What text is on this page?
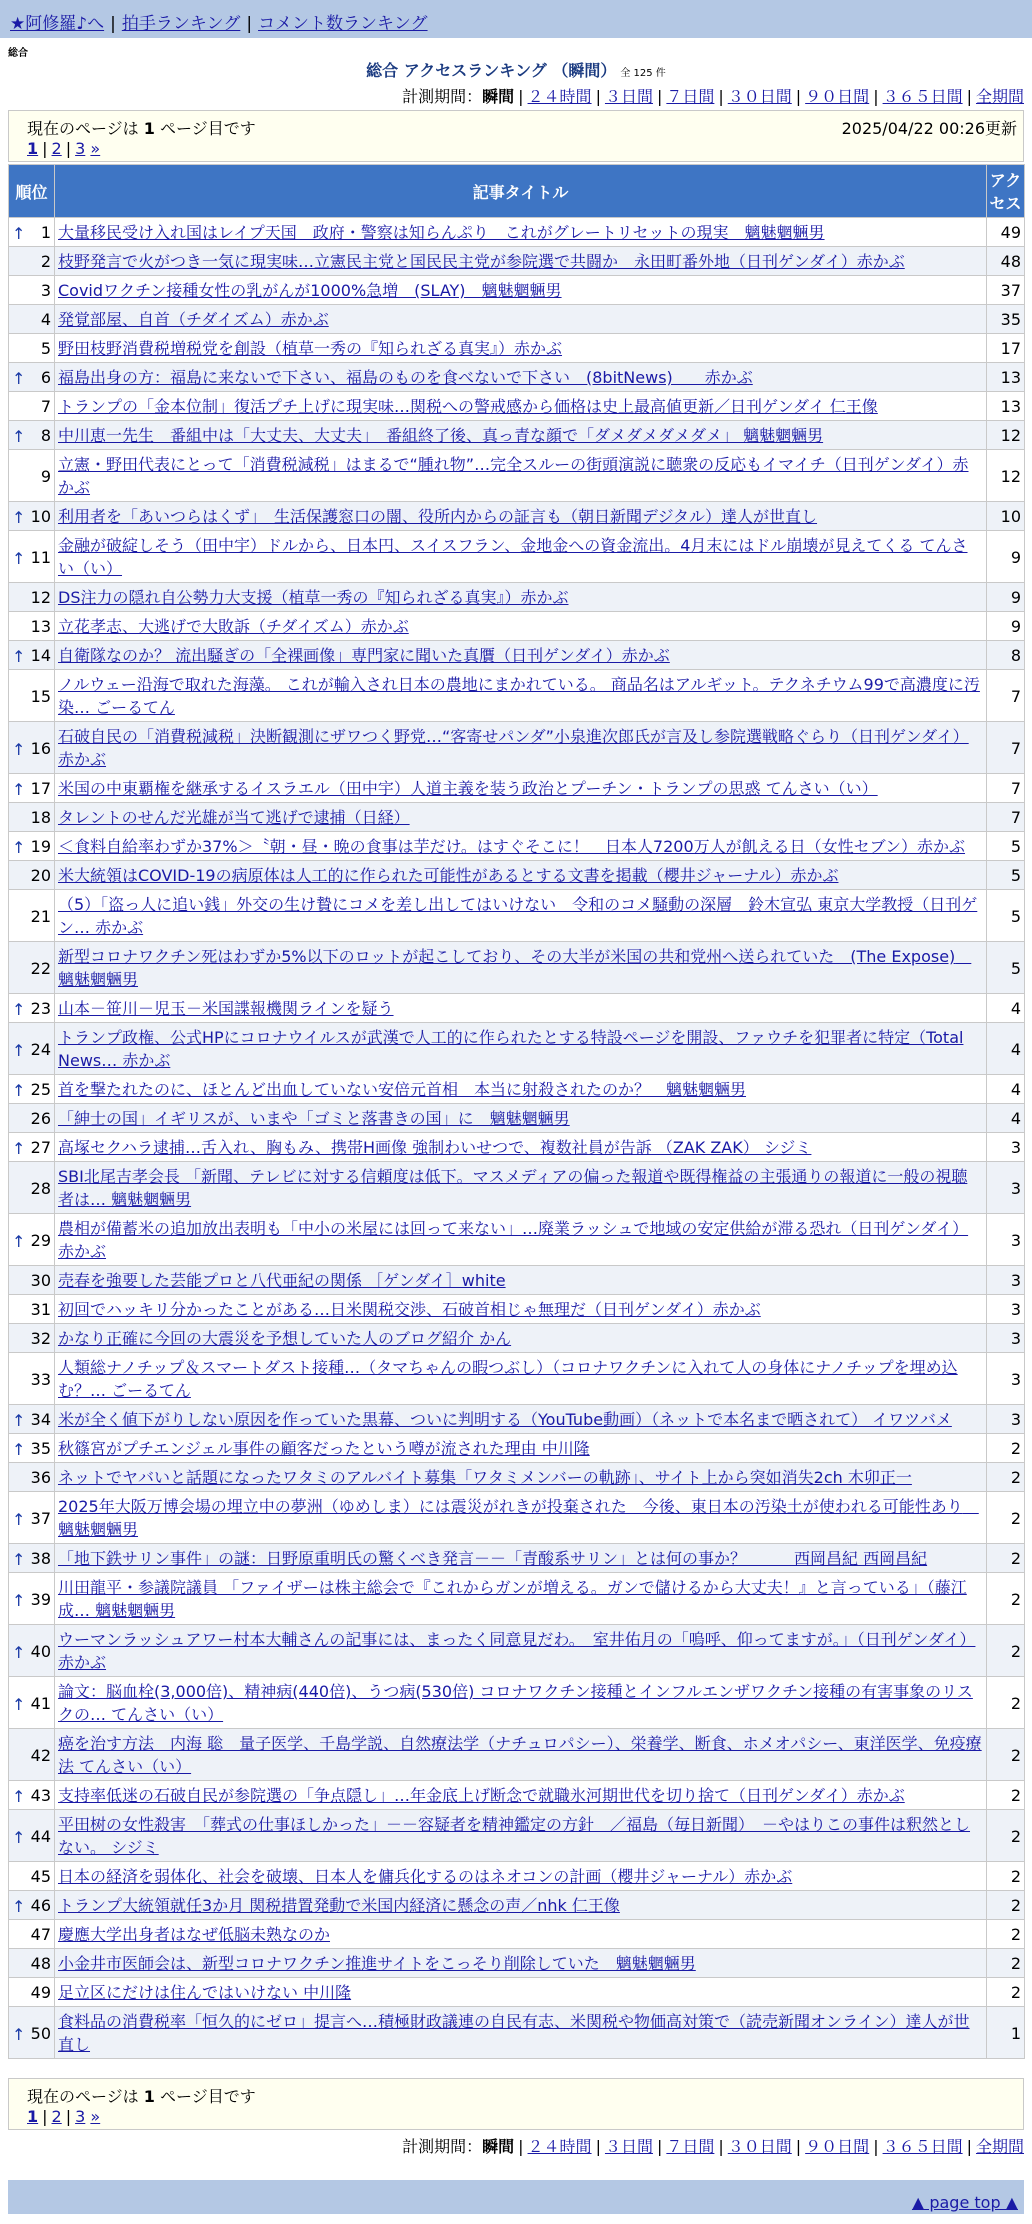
★阿修羅♪へ | 拍手ランキング | コメント数ランキング
総合
総合 アクセスランキング （瞬間） 全 125 件
計測期間：瞬間 | ２４時間 | ３日間 | ７日間 | ３０日間 | ９０日間 | ３６５日間 | 全期間
現在のページは 1 ページ目です	2025/04/22 00:26更新
1 | 2 | 3 »
順位	記事タイトル	アクセス

↑ 1	大量移民受け入れ国はレイプ天国　政府・警察は知らんぷり　これがグレートリセットの現実　魑魅魍魎男	49
2	枝野発言で火がつき一気に現実味…立憲民主党と国民民主党が参院選で共闘か　永田町番外地（日刊ゲンダイ）赤かぶ	48
3	Covidワクチン接種女性の乳がんが1000%急増　(SLAY)　魑魅魍魎男	37
4	発覚部屋、自首（チダイズム）赤かぶ	35
5	野田枝野消費税増税党を創設（植草一秀の『知られざる真実』）赤かぶ	17

↑ 6	福島出身の方：福島に来ないで下さい、福島のものを食べないで下さい　(8bitNews)　　赤かぶ	13
7	トランプの「金本位制」復活プチ上げに現実味…関税への警戒感から価格は史上最高値更新／日刊ゲンダイ 仁王像	13

↑ 8	中川恵一先生　番組中は「大丈夫、大丈夫」　番組終了後、真っ青な顔で「ダメダメダメダメ」 魑魅魍魎男	12
9	立憲・野田代表にとって「消費税減税」はまるで“腫れ物”…完全スルーの街頭演説に聴衆の反応もイマイチ（日刊ゲンダイ）赤かぶ	12

↑ 10	利用者を「あいつらはくず」　生活保護窓口の闇、役所内からの証言も（朝日新聞デジタル）達人が世直し	10

↑ 11	金融が破綻しそう（田中宇）ドルから、日本円、スイスフラン、金地金への資金流出。4月末にはドル崩壊が見えてくる てんさい（い）	9
12	DS注力の隠れ自公勢力大支援（植草一秀の『知られざる真実』）赤かぶ	9
13	立花孝志、大逃げで大敗訴（チダイズム）赤かぶ	9

↑ 14	自衛隊なのか？ 流出騒ぎの「全裸画像」専門家に聞いた真贋（日刊ゲンダイ）赤かぶ	8
15	ノルウェー沿海で取れた海藻。 これが輸入され日本の農地にまかれている。 商品名はアルギット。テクネチウム99で高濃度に汚染… ごーるてん	7

↑ 16	石破自民の「消費税減税」決断観測にザワつく野党…“客寄せパンダ”小泉進次郎氏が言及し参院選戦略ぐらり（日刊ゲンダイ）赤かぶ	7

↑ 17	米国の中東覇権を継承するイスラエル（田中宇）人道主義を装う政治とプーチン・トランプの思惑 てんさい（い）	7
18	タレントのせんだ光雄が当て逃げで逮捕（日経）	7

↑ 19	＜食料自給率わずか37%＞〝朝・昼・晩の食事は芋だけ。はすぐそこに！　日本人7200万人が飢える日（女性セブン）赤かぶ	5
20	米大統領はCOVID-19の病原体は人工的に作られた可能性があるとする文書を掲載（櫻井ジャーナル）赤かぶ	5
21	（5）「盗っ人に追い銭」外交の生け贄にコメを差し出してはいけない　令和のコメ騒動の深層　鈴木宣弘 東京大学教授（日刊ゲン… 赤かぶ	5
22	新型コロナワクチン死はわずか5%以下のロットが起こしており、その大半が米国の共和党州へ送られていた　(The Expose)　魑魅魍魎男	5

↑ 23	山本－笹川－児玉－米国諜報機関ラインを疑う	4

↑ 24	トランプ政権、公式HPにコロナウイルスが武漢で人工的に作られたとする特設ページを開設、ファウチを犯罪者に特定（Total News… 赤かぶ	4

↑ 25	首を撃たれたのに、ほとんど出血していない安倍元首相　本当に射殺されたのか？　魑魅魍魎男	4
26	「紳士の国」イギリスが、いまや「ゴミと落書きの国」に　魑魅魍魎男	4

↑ 27	高塚セクハラ逮捕…舌入れ、胸もみ、携帯H画像 強制わいせつで、複数社員が告訴 （ZAK ZAK） シジミ	3
28	SBI北尾吉孝会長 「新聞、テレビに対する信頼度は低下。マスメディアの偏った報道や既得権益の主張通りの報道に一般の視聴者は… 魑魅魍魎男	3

↑ 29	農相が備蓄米の追加放出表明も「中小の米屋には回って来ない」…廃業ラッシュで地域の安定供給が滞る恐れ（日刊ゲンダイ）赤かぶ	3
30	売春を強要した芸能プロと八代亜紀の関係 ［ゲンダイ］white	3
31	初回でハッキリ分かったことがある…日米関税交渉、石破首相じゃ無理だ（日刊ゲンダイ）赤かぶ	3
32	かなり正確に今回の大震災を予想していた人のブログ紹介 かん	3
33	人類総ナノチップ＆スマートダスト接種…（タマちゃんの暇つぶし）（コロナワクチンに入れて人の身体にナノチップを埋め込む？… ごーるてん	3

↑ 34	米が全く値下がりしない原因を作っていた黒幕、ついに判明する（YouTube動画）（ネットで本名まで晒されて） イワツバメ	3

↑ 35	秋篠宮がプチエンジェル事件の顧客だったという噂が流された理由 中川隆	2
36	ネットでヤバいと話題になったワタミのアルバイト募集「ワタミメンバーの軌跡」、サイト上から突如消失2ch 木卯正一	2

↑ 37	2025年大阪万博会場の埋立中の夢洲（ゆめしま）には震災がれきが投棄された　今後、東日本の汚染土が使われる可能性あり　魑魅魍魎男	2

↑ 38	「地下鉄サリン事件」の謎：日野原重明氏の驚くべき発言－－「青酸系サリン」とは何の事か？　　　西岡昌紀 西岡昌紀	2

↑ 39	川田龍平・参議院議員 「ファイザーは株主総会で『これからガンが増える。ガンで儲けるから大丈夫！』と言っている」（藤江成… 魑魅魍魎男	2

↑ 40	ウーマンラッシュアワー村本大輔さんの記事には、まったく同意見だわ。　室井佑月の「嗚呼、仰ってますが。」（日刊ゲンダイ）赤かぶ	2

↑ 41	論文：脳血栓(3,000倍)、精神病(440倍)、うつ病(530倍) コロナワクチン接種とインフルエンザワクチン接種の有害事象のリスクの… てんさい（い）	2
42	癌を治す方法　内海 聡　量子医学、千島学説、自然療法学（ナチュロパシー）、栄養学、断食、ホメオパシー、東洋医学、免疫療法 てんさい（い）	2

↑ 43	支持率低迷の石破自民が参院選の「争点隠し」…年金底上げ断念で就職氷河期世代を切り捨て（日刊ゲンダイ）赤かぶ	2

↑ 44	平田树の女性殺害　「葬式の仕事ほしかった」－－容疑者を精神鑑定の方針　／福島（毎日新聞）　－やはりこの事件は釈然としない。 シジミ	2
45	日本の経済を弱体化、社会を破壊、日本人を傭兵化するのはネオコンの計画（櫻井ジャーナル）赤かぶ	2

↑ 46	トランプ大統領就任3か月 関税措置発動で米国内経済に懸念の声／nhk 仁王像	2
47	慶應大学出身者はなぜ低脳未熟なのか	2
48	小金井市医師会は、新型コロナワクチン推進サイトをこっそり削除していた　魑魅魍魎男	2
49	足立区にだけは住んではいけない 中川隆	2

↑ 50	食料品の消費税率「恒久的にゼロ」提言へ…積極財政議連の自民有志、米関税や物価高対策で（読売新聞オンライン）達人が世直し	1
現在のページは 1 ページ目です
1 | 2 | 3 »
計測期間：瞬間 | ２４時間 | ３日間 | ７日間 | ３０日間 | ９０日間 | ３６５日間 | 全期間
▲ page top ▲
